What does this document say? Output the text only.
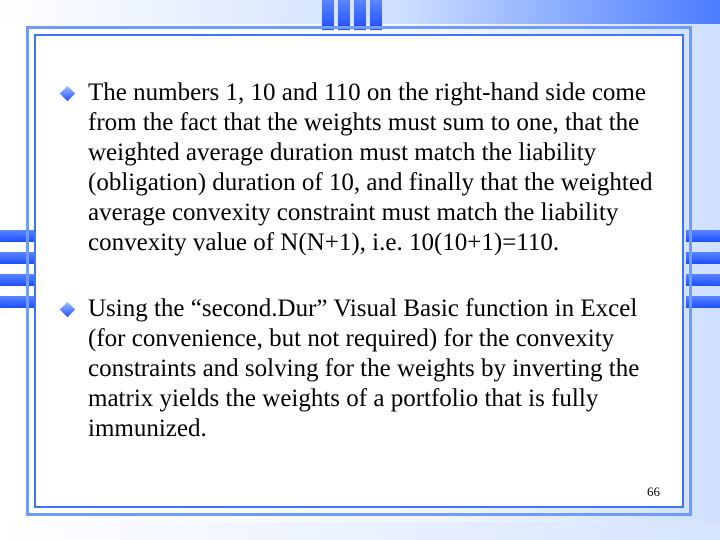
The numbers 1, 10 and 110 on the right-hand side come from the fact that the weights must sum to one, that the weighted average duration must match the liability (obligation) duration of 10, and finally that the weighted average convexity constraint must match the liability convexity value of N(N+1), i.e. 10(10+1)=110.
Using the “second.Dur” Visual Basic function in Excel (for convenience, but not required) for the convexity constraints and solving for the weights by inverting the matrix yields the weights of a portfolio that is fully immunized.
66
